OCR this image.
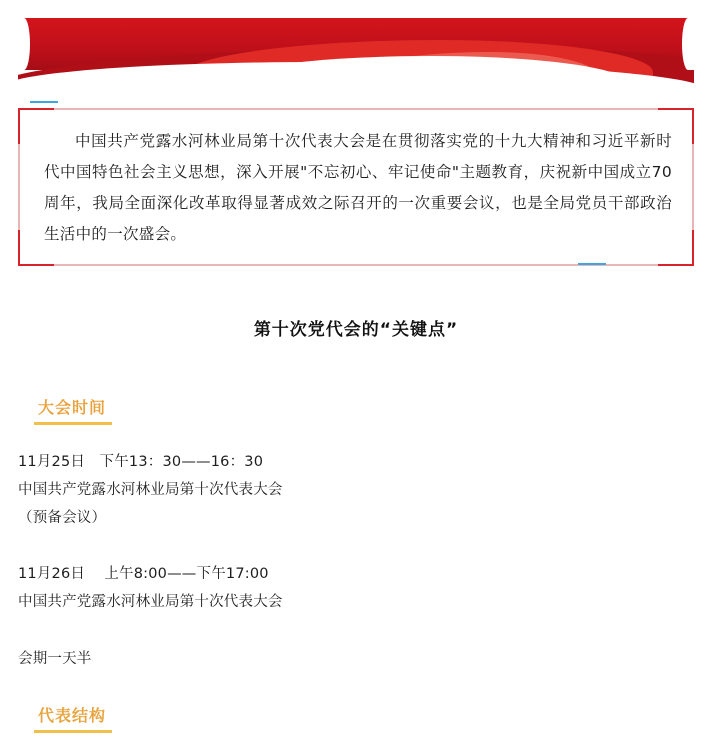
中国共产党露水河林业局第十次代表大会是在贯彻落实党的十九大精神和习近平新时代中国特色社会主义思想，深入开展"不忘初心、牢记使命"主题教育，庆祝新中国成立70周年，我局全面深化改革取得显著成效之际召开的一次重要会议，也是全局党员干部政治生活中的一次盛会。
第十次党代会的“关键点”
大会时间
11月25日   下午13：30——16：30
中国共产党露水河林业局第十次代表大会
（预备会议）
11月26日    上午8:00——下午17:00
中国共产党露水河林业局第十次代表大会
会期一天半
代表结构
